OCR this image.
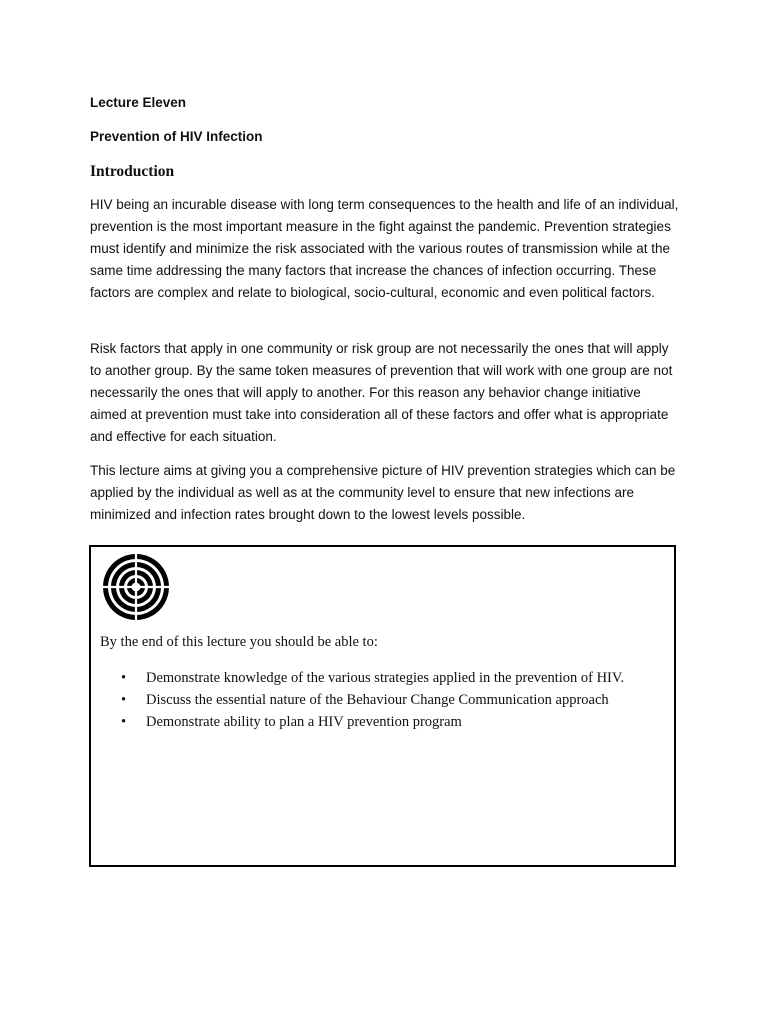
Lecture Eleven
Prevention of HIV Infection
Introduction

HIV being an incurable disease with long term consequences to the health and life of an individual, prevention is the most important measure in the fight against the pandemic. Prevention strategies must identify and minimize the risk associated with the various routes of transmission while at the same time addressing the many factors that increase the chances of infection occurring. These factors are complex and relate to biological, socio-cultural, economic and even political factors.

Risk factors that apply in one community or risk group are not necessarily the ones that will apply to another group. By the same token measures of prevention that will work with one group are not necessarily the ones that will apply to another. For this reason any behavior change initiative aimed at prevention must take into consideration all of these factors and offer what is appropriate and effective for each situation.

This lecture aims at giving you a comprehensive picture of HIV prevention strategies which can be applied by the individual as well as at the community level to ensure that new infections are minimized and infection rates brought down to the lowest levels possible.

By the end of this lecture you should be able to:
• Demonstrate knowledge of the various strategies applied in the prevention of HIV.
• Discuss the essential nature of the Behaviour Change Communication approach
• Demonstrate ability to plan a HIV prevention program
